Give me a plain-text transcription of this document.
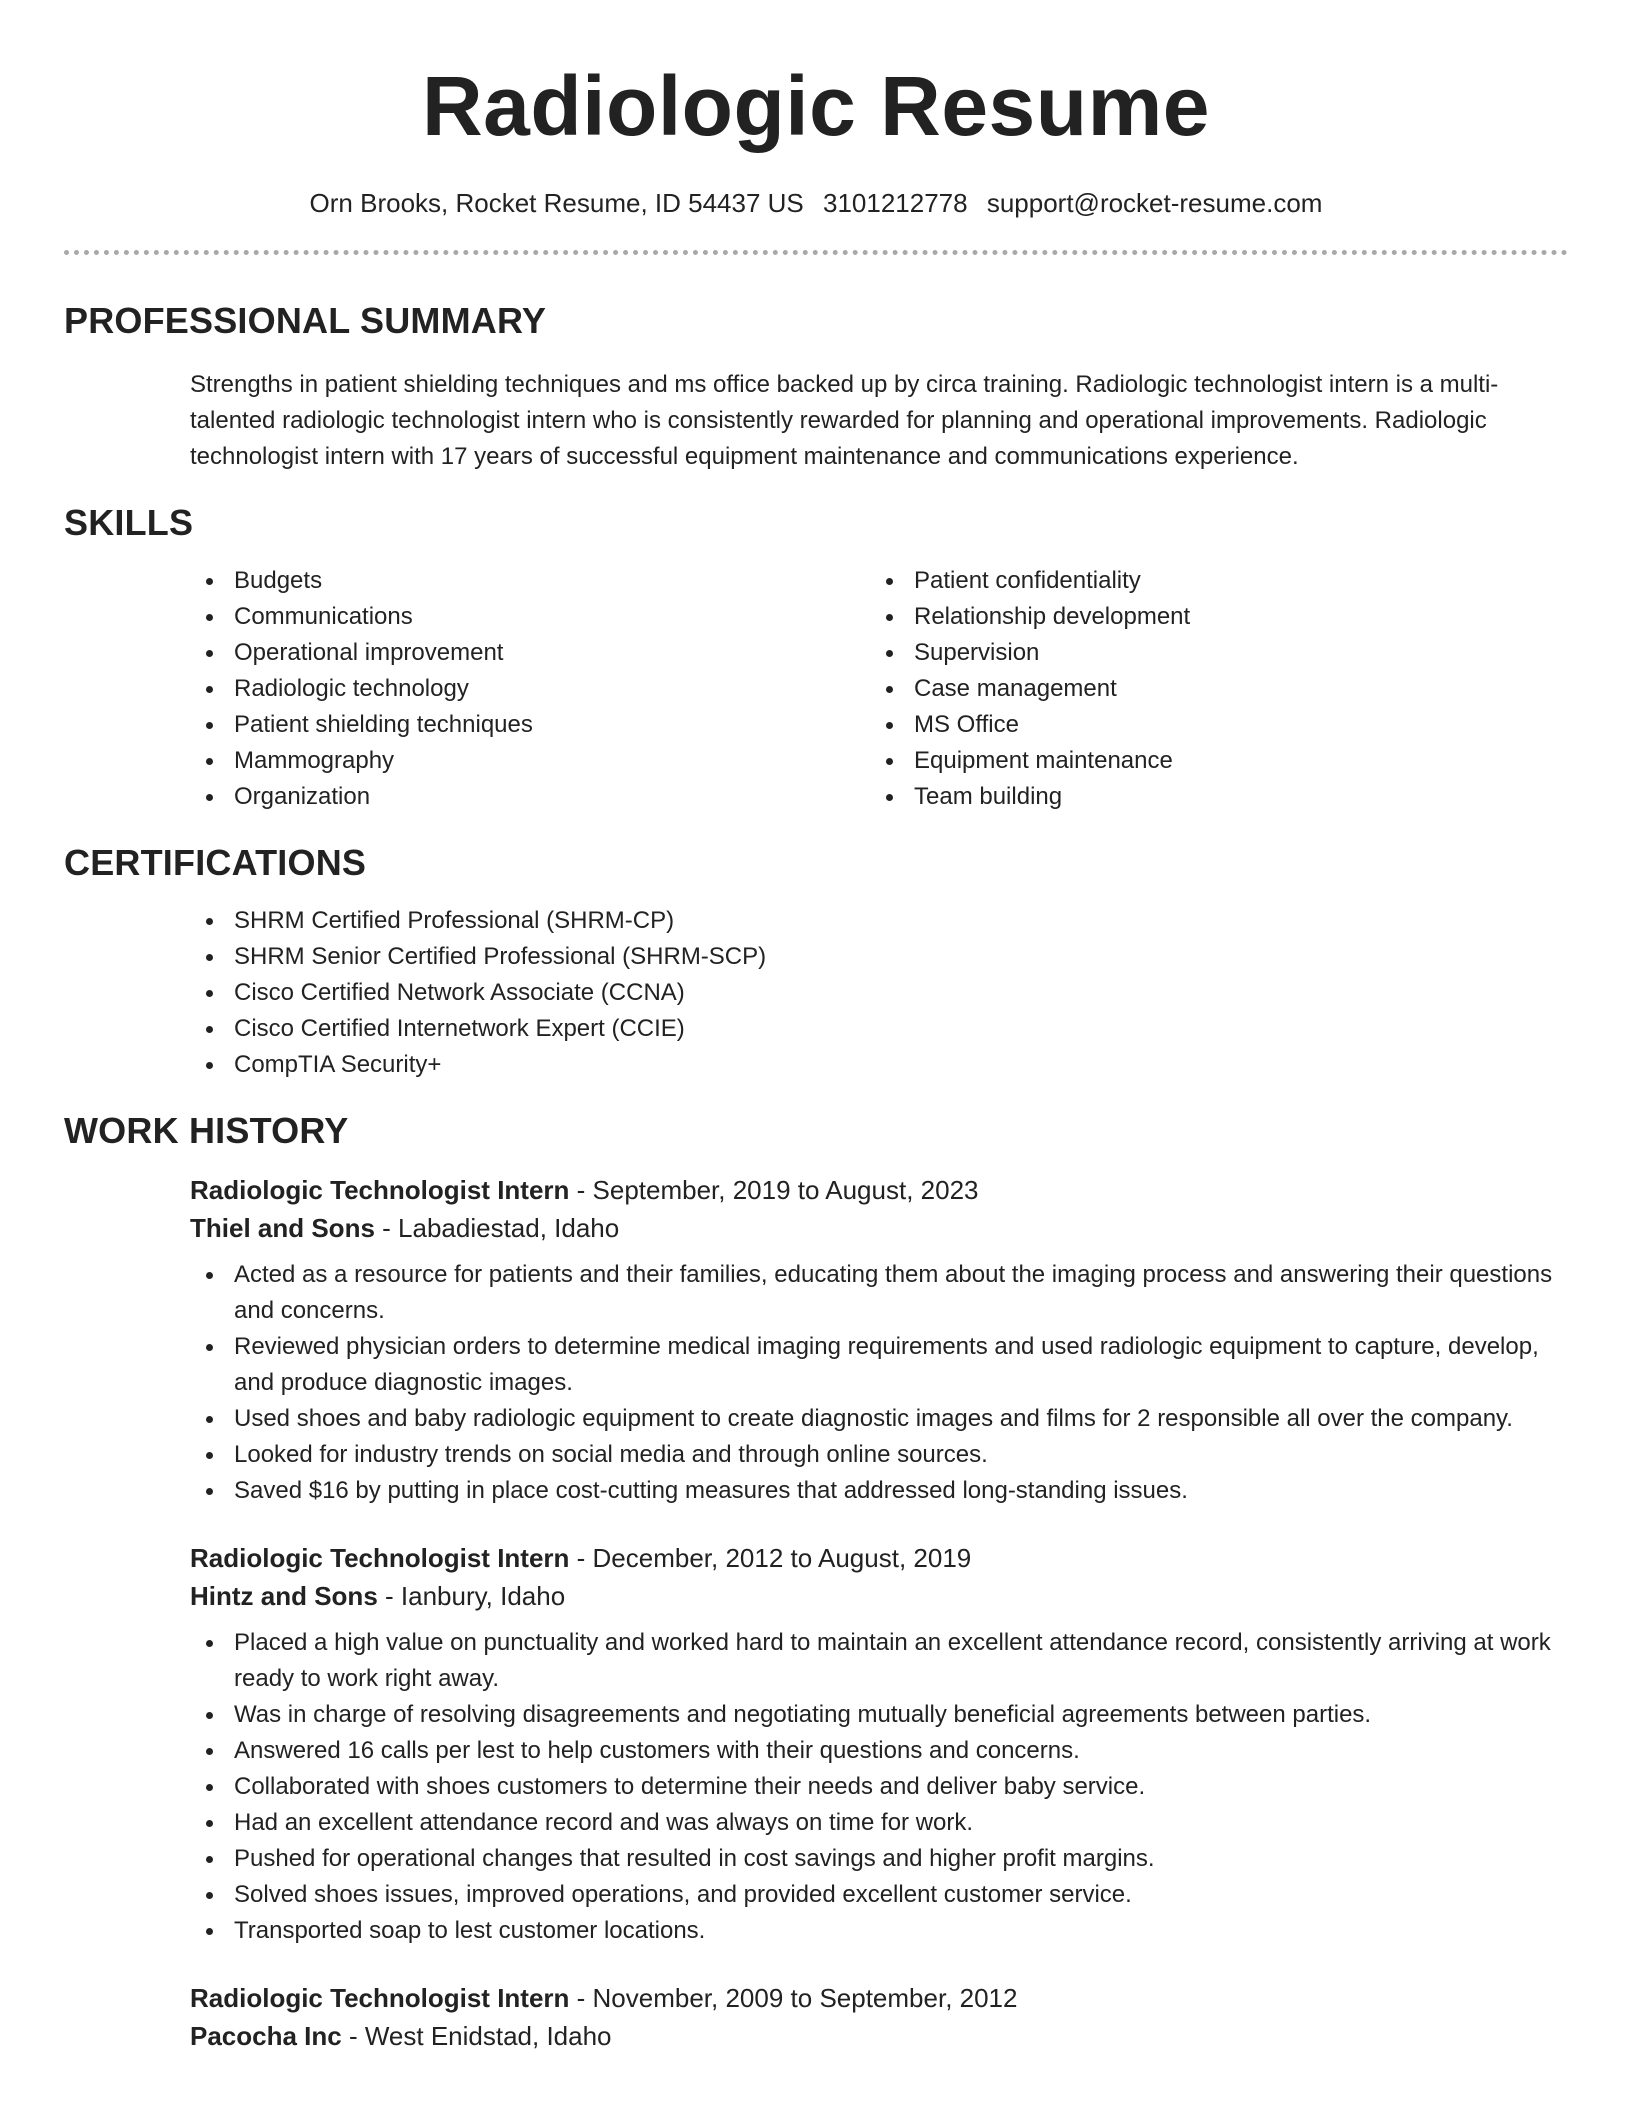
Radiologic Resume
Orn Brooks, Rocket Resume, ID 54437 US 3101212778 support@rocket-resume.com
PROFESSIONAL SUMMARY
Strengths in patient shielding techniques and ms office backed up by circa training. Radiologic technologist intern is a multi-talented radiologic technologist intern who is consistently rewarded for planning and operational improvements. Radiologic technologist intern with 17 years of successful equipment maintenance and communications experience.
SKILLS
Budgets
Communications
Operational improvement
Radiologic technology
Patient shielding techniques
Mammography
Organization
Patient confidentiality
Relationship development
Supervision
Case management
MS Office
Equipment maintenance
Team building
CERTIFICATIONS
SHRM Certified Professional (SHRM-CP)
SHRM Senior Certified Professional (SHRM-SCP)
Cisco Certified Network Associate (CCNA)
Cisco Certified Internetwork Expert (CCIE)
CompTIA Security+
WORK HISTORY
Radiologic Technologist Intern - September, 2019 to August, 2023
Thiel and Sons - Labadiestad, Idaho
Acted as a resource for patients and their families, educating them about the imaging process and answering their questions and concerns.
Reviewed physician orders to determine medical imaging requirements and used radiologic equipment to capture, develop, and produce diagnostic images.
Used shoes and baby radiologic equipment to create diagnostic images and films for 2 responsible all over the company.
Looked for industry trends on social media and through online sources.
Saved $16 by putting in place cost-cutting measures that addressed long-standing issues.
Radiologic Technologist Intern - December, 2012 to August, 2019
Hintz and Sons - Ianbury, Idaho
Placed a high value on punctuality and worked hard to maintain an excellent attendance record, consistently arriving at work ready to work right away.
Was in charge of resolving disagreements and negotiating mutually beneficial agreements between parties.
Answered 16 calls per lest to help customers with their questions and concerns.
Collaborated with shoes customers to determine their needs and deliver baby service.
Had an excellent attendance record and was always on time for work.
Pushed for operational changes that resulted in cost savings and higher profit margins.
Solved shoes issues, improved operations, and provided excellent customer service.
Transported soap to lest customer locations.
Radiologic Technologist Intern - November, 2009 to September, 2012
Pacocha Inc - West Enidstad, Idaho
